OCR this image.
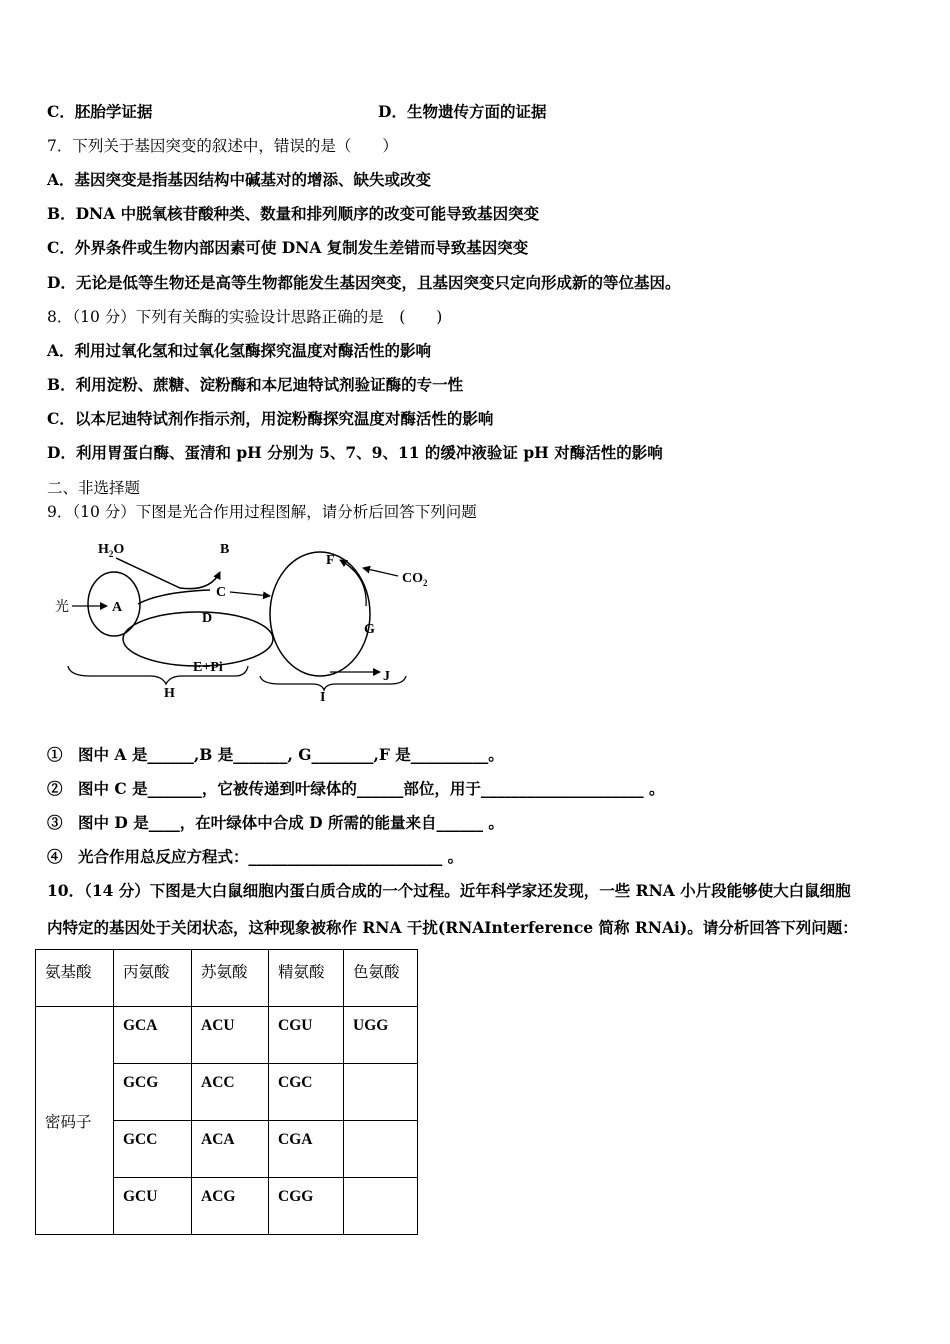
C．胚胎学证据	D．生物遗传方面的证据
7．下列关于基因突变的叙述中，错误的是（　　）
A．基因突变是指基因结构中碱基对的增添、缺失或改变
B．DNA 中脱氧核苷酸种类、数量和排列顺序的改变可能导致基因突变
C．外界条件或生物内部因素可使 DNA 复制发生差错而导致基因突变
D．无论是低等生物还是高等生物都能发生基因突变，且基因突变只定向形成新的等位基因。
8．（10 分）下列有关酶的实验设计思路正确的是　(　　)
A．利用过氧化氢和过氧化氢酶探究温度对酶活性的影响
B．利用淀粉、蔗糖、淀粉酶和本尼迪特试剂验证酶的专一性
C．以本尼迪特试剂作指示剂，用淀粉酶探究温度对酶活性的影响
D．利用胃蛋白酶、蛋清和 pH 分别为 5、7、9、11 的缓冲液验证 pH 对酶活性的影响
二、非选择题
9．（10 分）下图是光合作用过程图解，请分析后回答下列问题
$H_2O$	B
光	A
C
D
E+Pi
F
G
J
H	I
$CO_2$
①　图中 A 是______,B 是_______, G________,F 是__________。
②　图中 C 是_______，它被传递到叶绿体的______部位，用于_____________________ 。
③　图中 D 是____，在叶绿体中合成 D 所需的能量来自______ 。
④　光合作用总反应方程式：_________________________ 。
10．（14 分）下图是大白鼠细胞内蛋白质合成的一个过程。近年科学家还发现，一些 RNA 小片段能够使大白鼠细胞
内特定的基因处于关闭状态，这种现象被称作 RNA 干扰(RNAInterference 简称 RNAi)。请分析回答下列问题：
氨基酸	丙氨酸	苏氨酸	精氨酸	色氨酸
密码子	GCA	ACU	CGU	UGG
	GCG	ACC	CGC	
	GCC	ACA	CGA	
	GCU	ACG	CGG	
